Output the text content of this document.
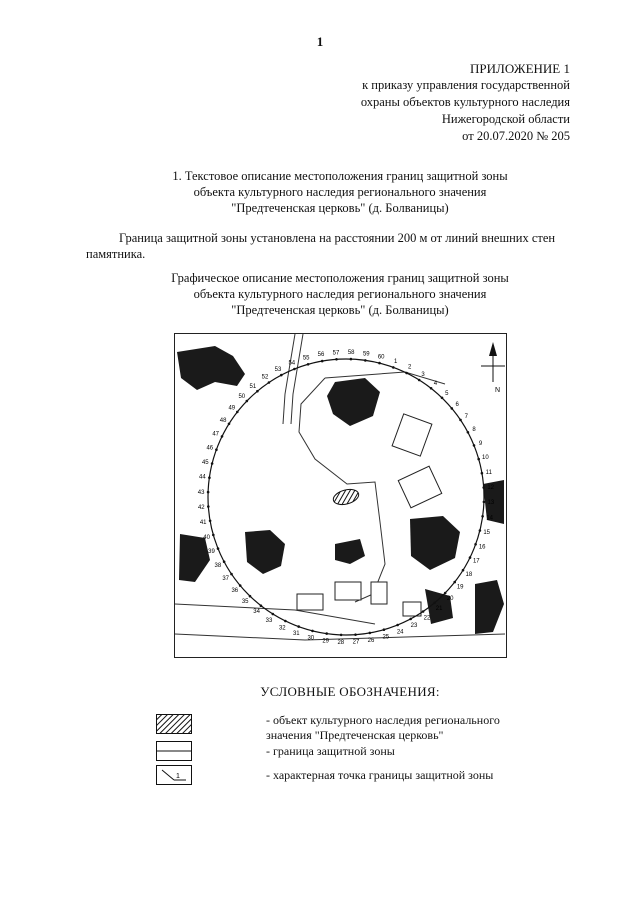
1
ПРИЛОЖЕНИЕ 1
к приказу управления государственной
охраны объектов культурного наследия
Нижегородской области
от 20.07.2020 № 205
1. Текстовое описание местоположения границ защитной зоны
объекта культурного наследия регионального значения
"Предтеченская церковь" (д. Болваницы)
Граница защитной зоны установлена на расстоянии 200 м от линий внешних стен
памятника.
Графическое описание местоположения границ защитной зоны
объекта культурного наследия регионального значения
"Предтеченская церковь" (д. Болваницы)
1
2
3
4
5
6
7
8
9
10
11
12
13
14
15
16
17
18
19
20
21
22
23
24
25
26
27
28
29
30
31
32
33
34
35
36
37
38
39
40
41
42
43
44
45
46
47
48
49
50
51
52
53
54
55
56 57 58 59 60
N
УСЛОВНЫЕ ОБОЗНАЧЕНИЯ:
- объект культурного наследия регионального
значения "Предтеченская церковь"
- граница защитной зоны
1	- характерная точка границы защитной зоны
